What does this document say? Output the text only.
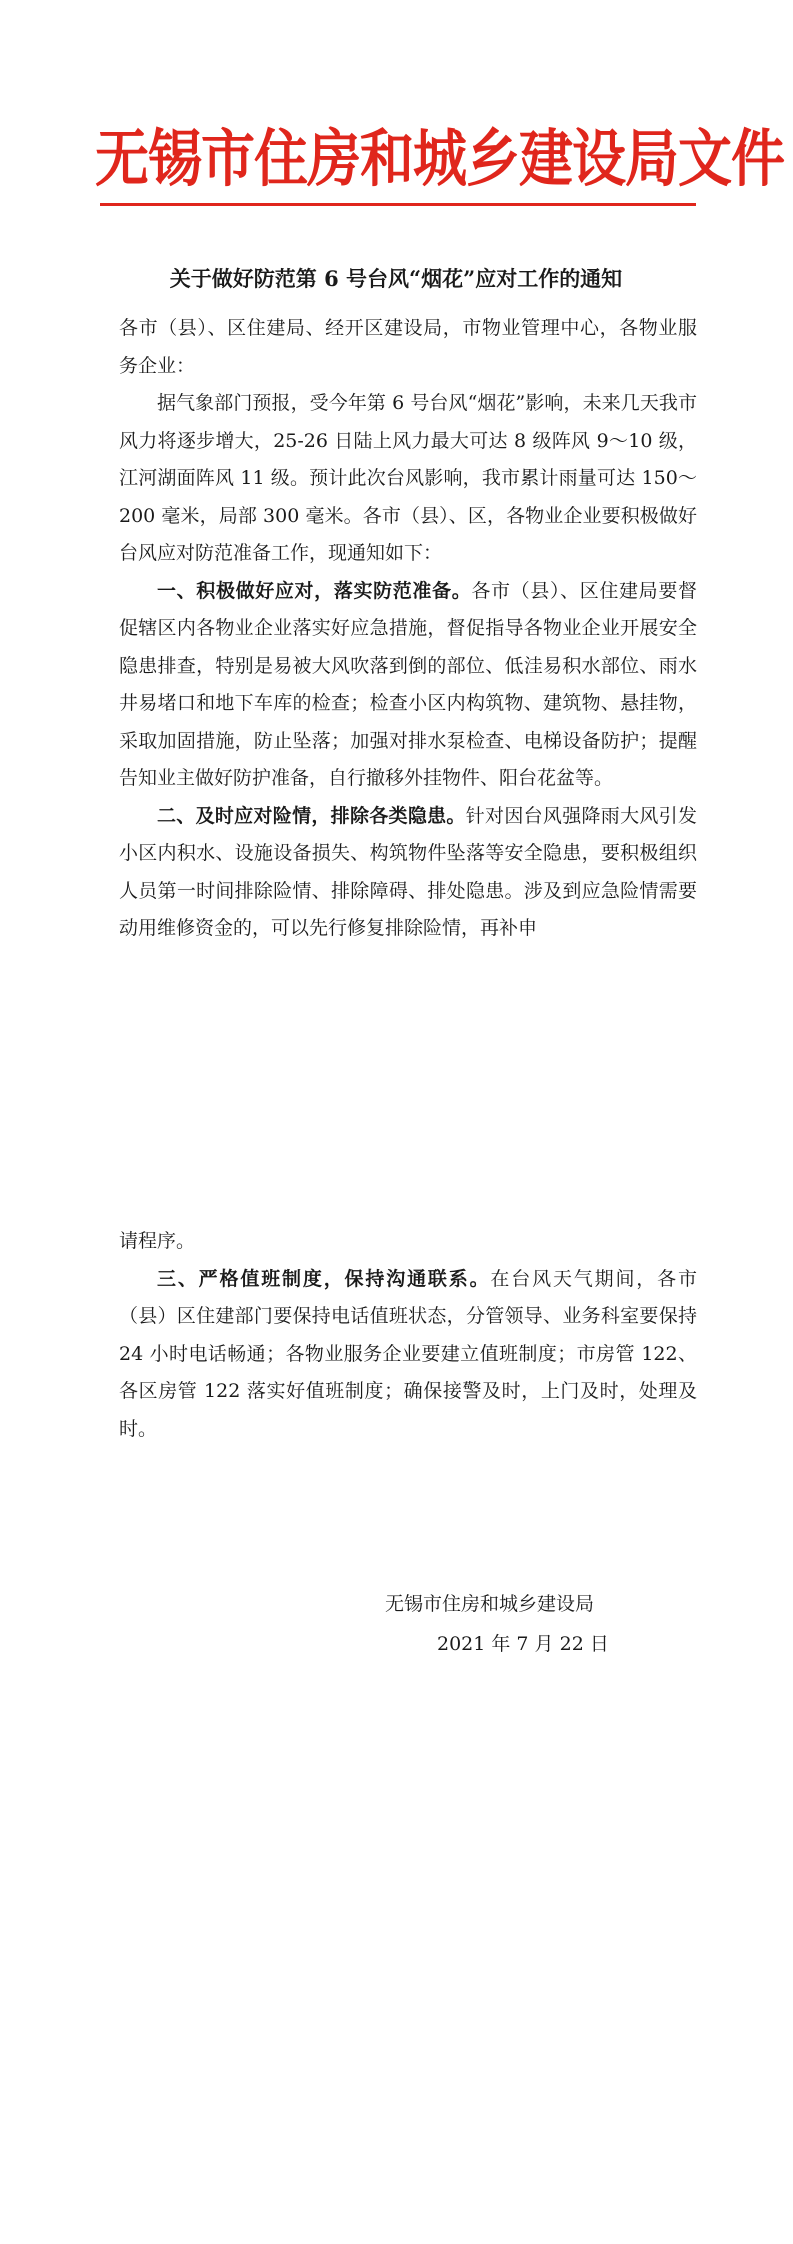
无锡市住房和城乡建设局文件
关于做好防范第 6 号台风“烟花”应对工作的通知

各市（县）、区住建局、经开区建设局，市物业管理中心，各物业服务企业：

据气象部门预报，受今年第 6 号台风“烟花”影响，未来几天我市风力将逐步增大，25-26 日陆上风力最大可达 8 级阵风 9～10 级，江河湖面阵风 11 级。预计此次台风影响，我市累计雨量可达 150～200 毫米，局部 300 毫米。各市（县）、区，各物业企业要积极做好台风应对防范准备工作，现通知如下：

一、积极做好应对，落实防范准备。各市（县）、区住建局要督促辖区内各物业企业落实好应急措施，督促指导各物业企业开展安全隐患排查，特别是易被大风吹落到倒的部位、低洼易积水部位、雨水井易堵口和地下车库的检查；检查小区内构筑物、建筑物、悬挂物，采取加固措施，防止坠落；加强对排水泵检查、电梯设备防护；提醒告知业主做好防护准备，自行撤移外挂物件、阳台花盆等。

二、及时应对险情，排除各类隐患。针对因台风强降雨大风引发小区内积水、设施设备损失、构筑物件坠落等安全隐患，要积极组织人员第一时间排除险情、排除障碍、排处隐患。涉及到应急险情需要动用维修资金的，可以先行修复排除险情，再补申

请程序。

三、严格值班制度，保持沟通联系。在台风天气期间，各市（县）区住建部门要保持电话值班状态，分管领导、业务科室要保持 24 小时电话畅通；各物业服务企业要建立值班制度；市房管 122、各区房管 122 落实好值班制度；确保接警及时，上门及时，处理及时。

无锡市住房和城乡建设局
2021 年 7 月 22 日
